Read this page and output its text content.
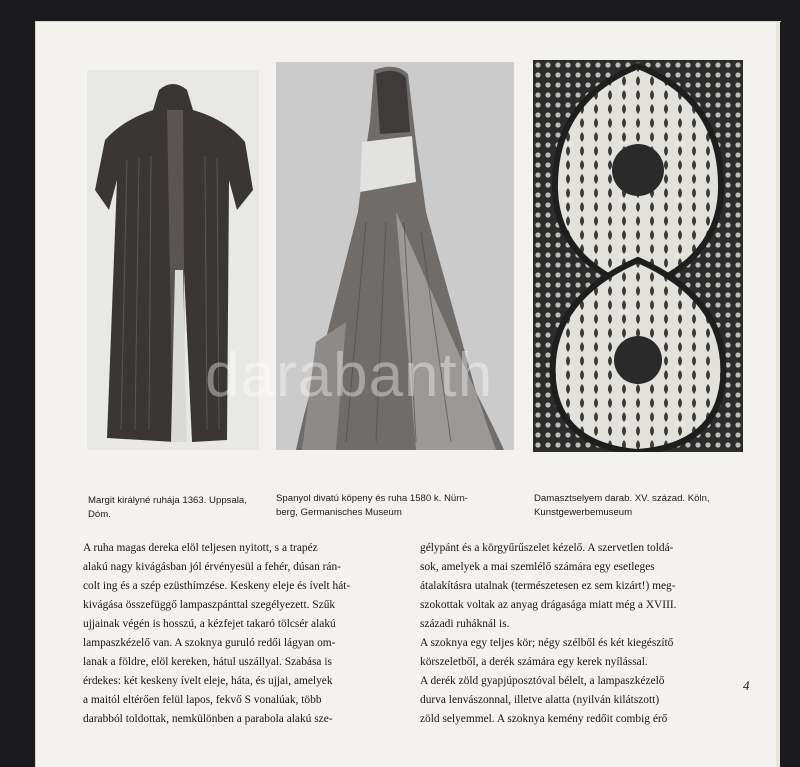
Margit királyné ruhája 1363. Uppsala,
Dóm.
Spanyol divatú köpeny és ruha 1580 k. Nürn-
berg, Germanisches Museum
Damasztselyem darab. XV. század. Köln,
Kunstgewerbemuseum
A ruha magas dereka elöl teljesen nyitott, s a trapéz
alakú nagy kivágásban jól érvényesül a fehér, dúsan rán-
colt ing és a szép ezüsthímzése. Keskeny eleje és ívelt hát-
kivágása összefüggő lampaszpánttal szegélyezett. Szűk
ujjainak végén is hosszú, a kézfejet takaró tölcsér alakú
lampaszkézelő van. A szoknya guruló redői lágyan om-
lanak a földre, elöl kereken, hátul uszállyal. Szabása is
érdekes: két keskeny ívelt eleje, háta, és ujjai, amelyek
a maitól eltérően felül lapos, fekvő S vonalúak, több
darabból toldottak, nemkülönben a parabola alakú sze-
gélypánt és a körgyűrűszelet kézelő. A szervetlen toldá-
sok, amelyek a mai szemlélő számára egy esetleges
átalakításra utalnak (természetesen ez sem kizárt!) meg-
szokottak voltak az anyag drágasága miatt még a XVIII.
századi ruháknál is.
A szoknya egy teljes kör; négy szélből és két kiegészítő
körszeletből, a derék számára egy kerek nyílással.
A derék zöld gyapjúposztóval bélelt, a lampaszkézelő
durva lenvászonnal, illetve alatta (nyilván kilátszott)
zöld selyemmel. A szoknya kemény redőit combig érő
4
darabanth
